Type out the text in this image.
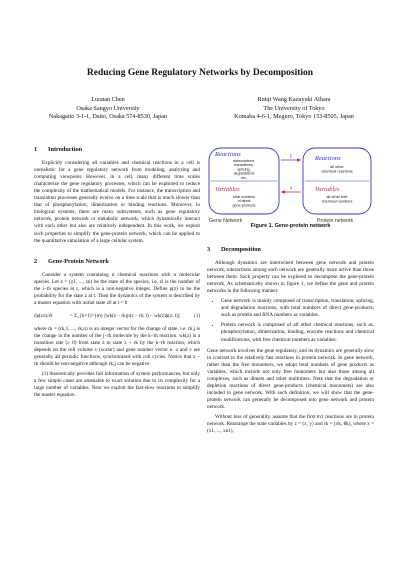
Reducing Gene Regulatory Networks by Decomposition
Luonan Chen
Osaka Sangyo University
Nakagaito 3-1-1, Daito, Osaka 574-8530, Japan
Ruiqi Wang Kazuyuki Aihara
The University of Tokyo
Komaba 4-6-1, Meguro, Tokyo 153-8505, Japan
1 Introduction

Explicitly considering all variables and chemical reactions in a cell is unrealistic for a gene regulatory network from modeling, analyzing and computing viewpoint. However, in a cell, many different time scales characterize the gene regulatory processes, which can be exploited to reduce the complexity of the mathematical models. For instance, the transcription and translation processes generally evolve on a time scale that is much slower than that of phosphorylation, dimerization or binding reactions. Moreover, in biological systems, there are many subsystems, such as gene regulatory network, protein network or metabolic network, which dynamically interact with each other but also are relatively independent. In this work, we exploit such properties to simplify the gene-protein network, which can be applied to the quantitative simulation of a large cellular system.

2 Gene-Protein Network

Consider a system containing n chemical reactions with n molecular species. Let z = (z1, ..., zn) be the state of the species, i.e. zi is the number of the i−th species at t, which is a non-negative integer. Define p(z) to be the probability for the state z at t. Then the dynamics of the system is described by a master equation with initial state z0 at t = 0

∂p(z;t)/∂t	= Σ_{k=1}^{m} [wk(z − rk)p(z − rk; t) − wk(z)p(z; t)]	(1)

where rk = (rk,1, ..., rk,n) is an integer vector for the change of state, i.e. rk,j is the change in the number of the j−th molecule by the k−th reaction. wk(z) is a transition rate (≥ 0) from state z to state z + rk by the k−th reaction, which depends on the cell volume v (scalar) and gene number vector u. u and v are generally all periodic functions, synchronized with cell cycles. Notice that z − rk should be non-negative although rk,j can be negative.

(1) theoretically provides full information of system performances, but only a few simple cases are amenable to exact solution due to its complexity for a large number of variables. Next we exploit the fast-slow reactions to simplify the master equation.

Reactions
transcriptions, translations, splicing, degradations etc.
Variables
total numbers of direct gene-products
Reactions
all other chemical reactions
Variables
all other free chemical numbers
γ
x
Gene Network	Protein network
Figure 1. Gene-protein network
3 Decomposition

Although dynamics are intertwined between gene network and protein network, interactions among each network are generally more active than those between them. Such property can be explored to decompose the gene-protein network. As schematically shown in figure 1, we define the gene and protein networks in the following manner.

• Gene network is mainly composed of transcription, translation, splicing, and degradation reactions, with total numbers of direct gene-products, such as protein and RNA numbers as variables.
• Protein network is comprised of all other chemical reactions, such as, phosphorylation, dimerization, binding, enzyme reactions and chemical modifications, with free chemical numbers as variables.

Gene network involves the gene regulatory, and its dynamics are generally slow in contrast to the relatively fast reactions in protein network. In gene network, rather than the free monomers, we adopt total numbers of gene products as variables, which include not only free monomers but also those among all complexes, such as dimers and other multimers. Note that the degradation or depletion reactions of direct gene-products (chemical monomers) are also included in gene network. With such definition, we will show that the gene-protein network can generally be decomposed into gene network and protein network.

Without loss of generality, assume that the first m1 reactions are in protein network. Rearrange the state variables by z = (x, y) and rk = (σk, θk), where x = (x1, ..., xn1),
